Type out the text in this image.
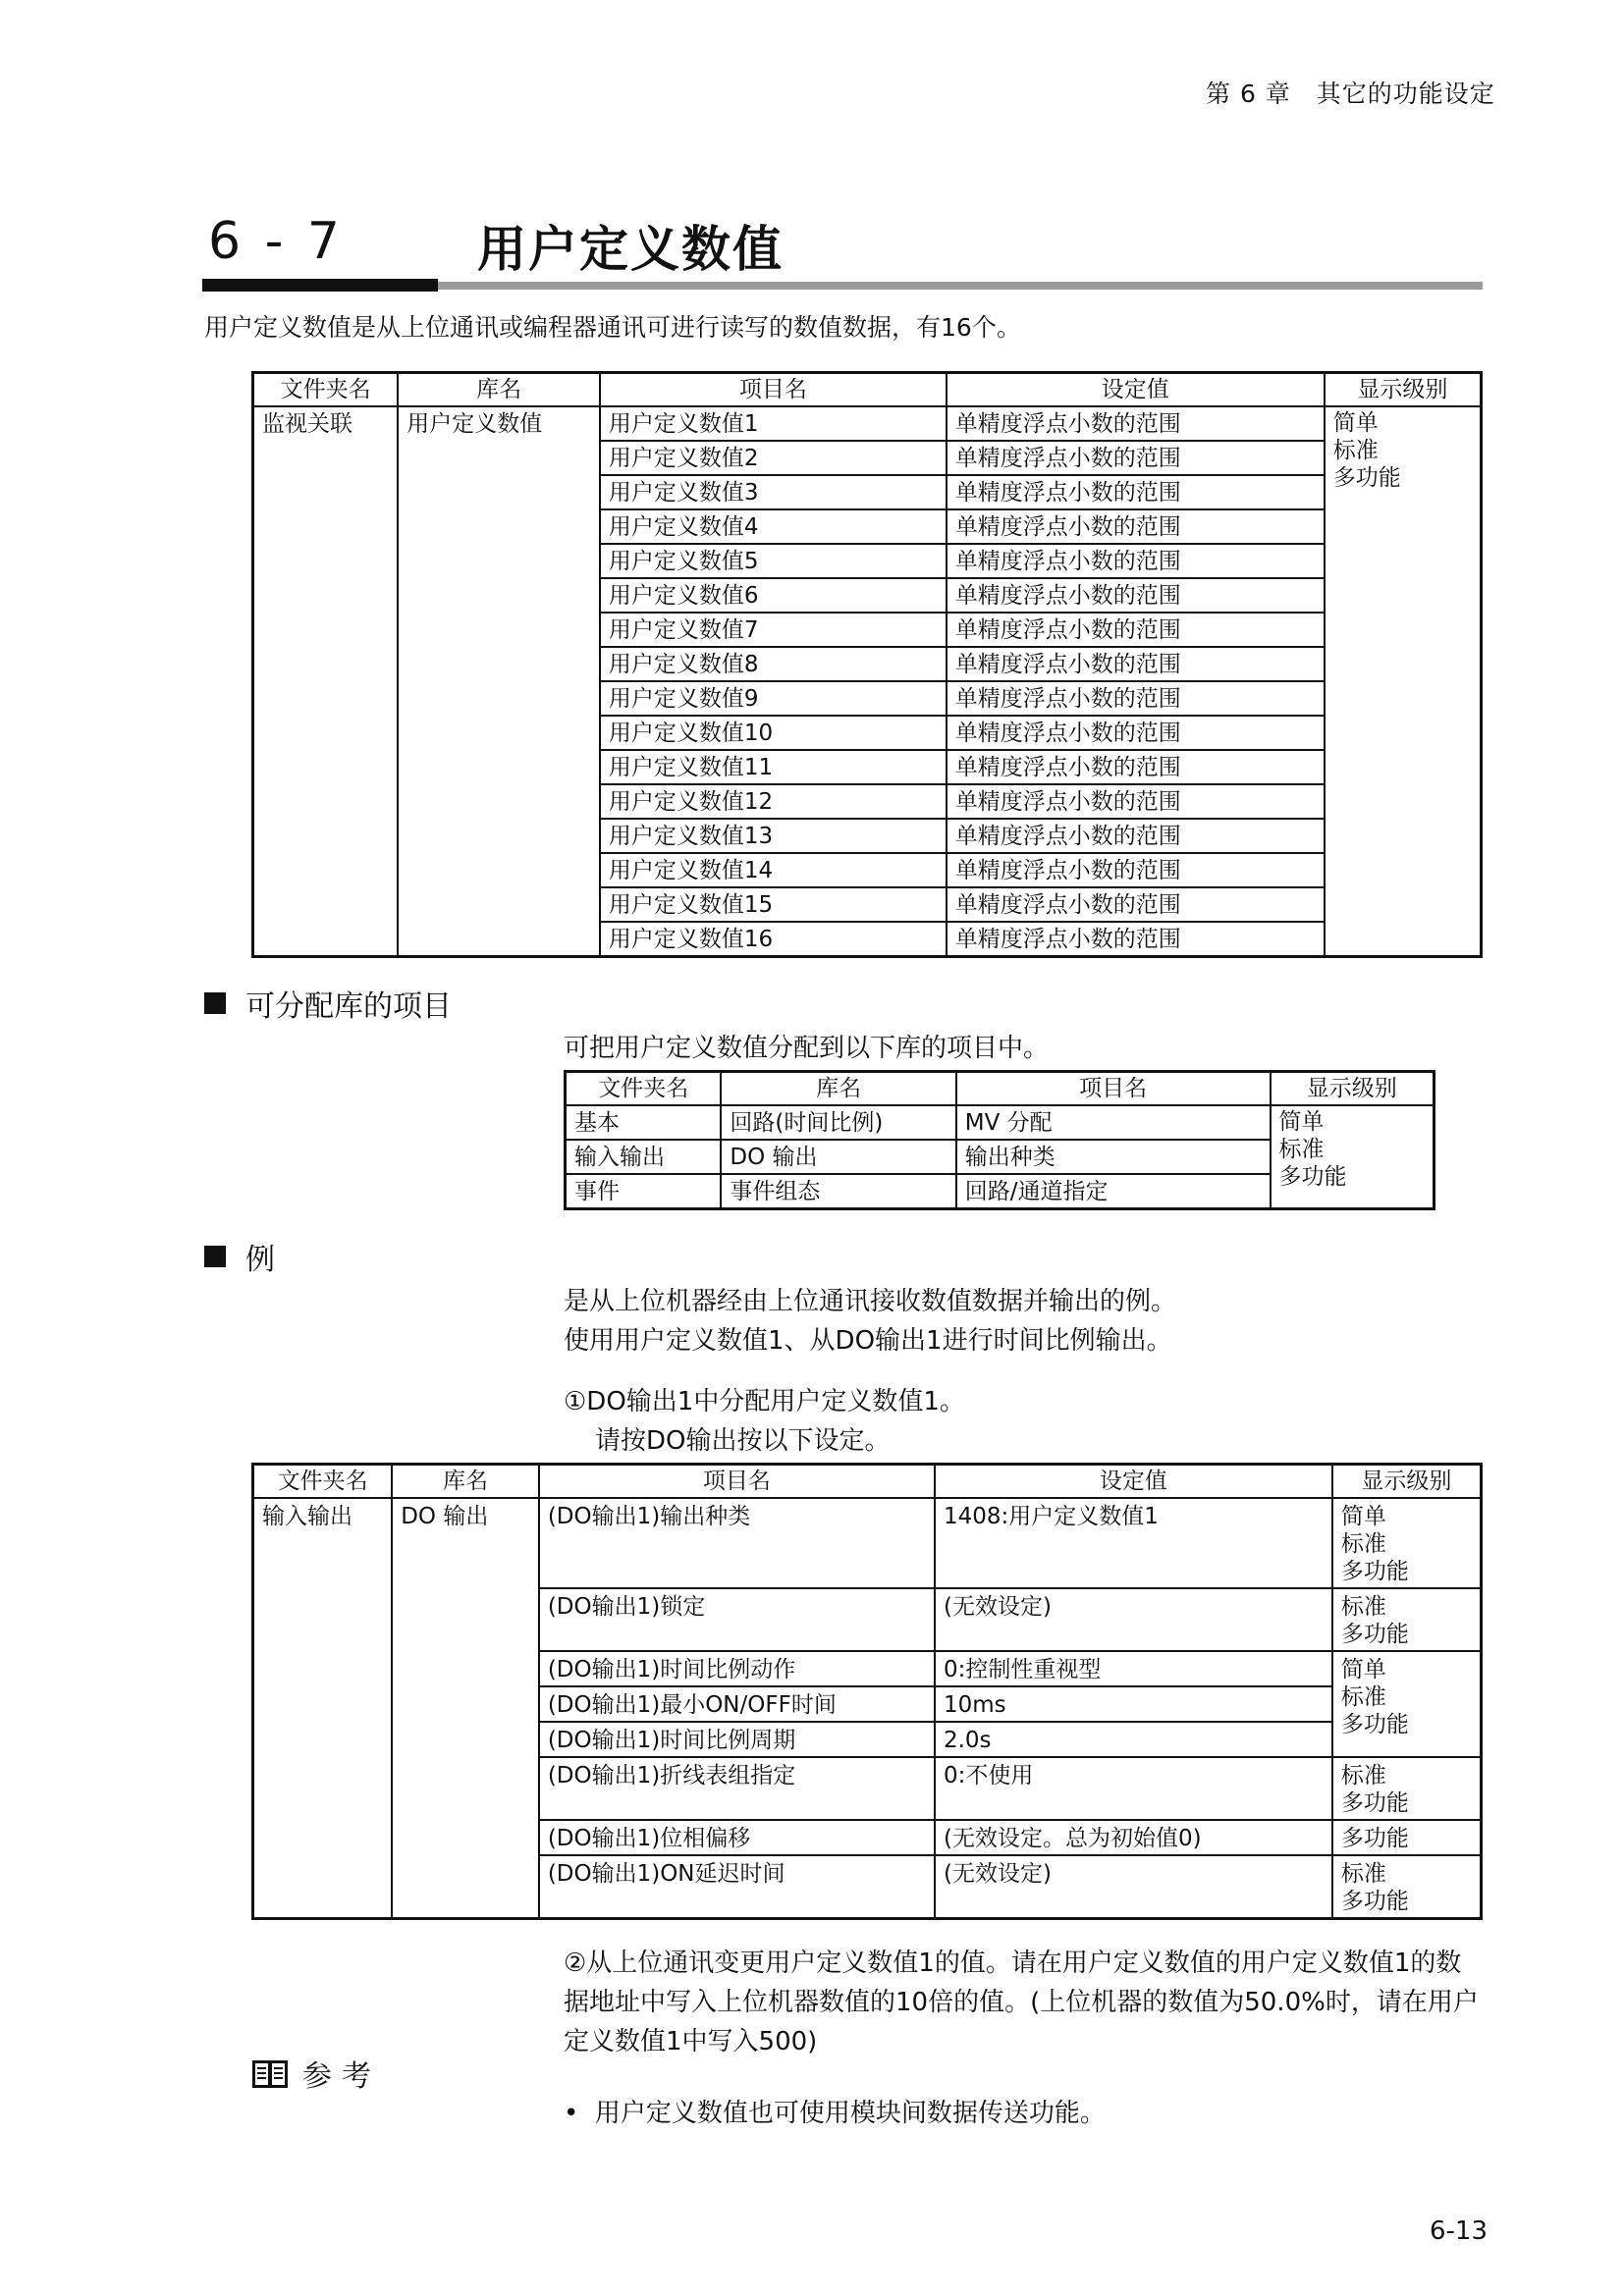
第 6 章　其它的功能设定
6 - 7	用户定义数值
用户定义数值是从上位通讯或编程器通讯可进行读写的数值数据，有16个。
文件夹名	库名	项目名	设定值	显示级别
监视关联	用户定义数值	用户定义数值1	单精度浮点小数的范围	简单
标准
多功能
		用户定义数值2	单精度浮点小数的范围	
		用户定义数值3	单精度浮点小数的范围	
		用户定义数值4	单精度浮点小数的范围	
		用户定义数值5	单精度浮点小数的范围	
		用户定义数值6	单精度浮点小数的范围	
		用户定义数值7	单精度浮点小数的范围	
		用户定义数值8	单精度浮点小数的范围	
		用户定义数值9	单精度浮点小数的范围	
		用户定义数值10	单精度浮点小数的范围	
		用户定义数值11	单精度浮点小数的范围	
		用户定义数值12	单精度浮点小数的范围	
		用户定义数值13	单精度浮点小数的范围	
		用户定义数值14	单精度浮点小数的范围	
		用户定义数值15	单精度浮点小数的范围	
		用户定义数值16	单精度浮点小数的范围	
可分配库的项目
可把用户定义数值分配到以下库的项目中。
文件夹名	库名	项目名	显示级别
基本	回路(时间比例)	MV 分配	简单
标准
多功能
输入输出	DO 输出	输出种类	
事件	事件组态	回路/通道指定	
例
是从上位机器经由上位通讯接收数值数据并输出的例。
使用用户定义数值1、从DO输出1进行时间比例输出。
①DO输出1中分配用户定义数值1。
请按DO输出按以下设定。
文件夹名	库名	项目名	设定值	显示级别
输入输出	DO 输出	(DO输出1)输出种类	1408:用户定义数值1	简单
标准
多功能
		(DO输出1)锁定	(无效设定)	标准
多功能
		(DO输出1)时间比例动作	0:控制性重视型	简单
标准
多功能
		(DO输出1)最小ON/OFF时间	10ms	
		(DO输出1)时间比例周期	2.0s	
		(DO输出1)折线表组指定	0:不使用	标准
多功能
		(DO输出1)位相偏移	(无效设定。总为初始值0)	多功能
		(DO输出1)ON延迟时间	(无效设定)	标准
多功能
②从上位通讯变更用户定义数值1的值。请在用户定义数值的用户定义数值1的数据地址中写入上位机器数值的10倍的值。(上位机器的数值为50.0%时，请在用户定义数值1中写入500)
参考
•  用户定义数值也可使用模块间数据传送功能。
6-13
